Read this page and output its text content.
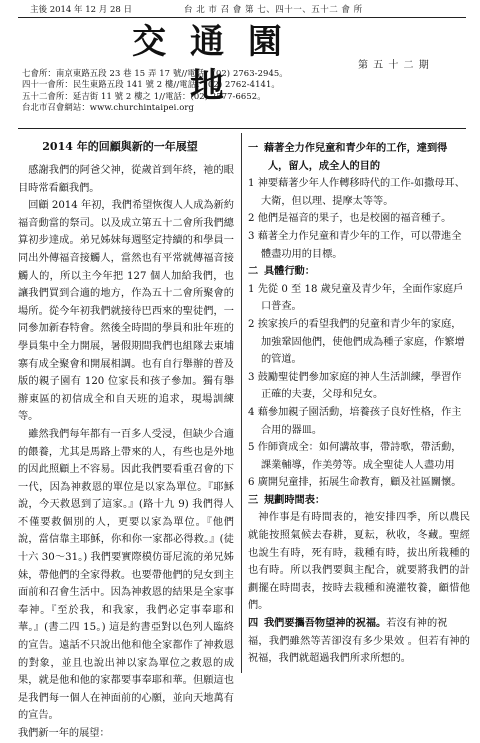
主後 2014 年 12 月 28 日	台 北 市 召 會 第 七、四十一、五十二 會 所
交 通 園 地
第 五 十 二 期
七會所：南京東路五段 23 巷 15 弄 17 號//電話：(02) 2763-2945。
四十一會所：民生東路五段 141 號 2 樓//電話：(02) 2762-4141。
五十二會所：延吉街 11 號 2 樓之 1//電話：(02) 2577-6652。
台北市召會網站：www.churchintaipei.org
2014 年的回顧與新的一年展望

感謝我們的阿爸父神，從歲首到年終，祂的眼目時常看顧我們。

回顧 2014 年初，我們希望恢復人人成為新約福音動當的祭司。以及成立第五十二會所我們總算初步達成。弟兄姊妹每週堅定持續的和學員一同出外傳福音接觸人，當然也有平常就傳福音接觸人的，所以主今年把 127 個人加給我們，也讓我們買到合適的地方，作為五十二會所聚會的場所。從今年初我們就接待巴西來的聖徒們，一同參加新春特會。然後全時間的學員和壯年班的學員集中全力開展，暑假期間我們也組隊去東埔寨有成全聚會和開展相調。也有自行舉辦的普及版的親子園有 120 位家長和孩子參加。獨有舉辦東區的初信成全和自天班的追求，現場訓練等。

雖然我們每年都有一百多人受浸，但缺少合適的餵養，尤其是馬路上帶來的人，有些也是外地的因此照顧上不容易。因此我們要看重召會的下一代，因為神救恩的單位是以家為單位。『耶穌說，今天救恩到了這家。』(路十九 9) 我們得人不僅要救個別的人，更要以家為單位。『他們說，當信靠主耶穌，你和你一家都必得救。』(徒十六 30～31。) 我們要實際模仿哥尼流的弟兄姊妹，帶他們的全家得救。也要帶他們的兒女到主面前和召會生活中。因為神救恩的結果是全家事奉神。『至於我，和我家，我們必定事奉耶和華。』(書二四 15。) 這是約書亞對以色列人臨終的宣告。遠話不只說出他和他全家都作了神救恩的對象，並且也說出神以家為單位之救恩的成果，就是他和他的家都要事奉耶和華。但願這也是我們每一個人在神面前的心願，並向天地萬有的宣告。

我們新一年的展望：

一 藉著全力作兒童和青少年的工作，達到得
人，留人，成全人的目的
1 神要藉著少年人作轉移時代的工作-如撒母耳、大衛，但以理、提摩太等等。
2 他們是福音的果子，也是校園的福音種子。
3 藉著全力作兒童和青少年的工作，可以帶進全體盡功用的目標。
二 具體行動：
1 先從 0 至 18 歲兒童及青少年，全面作家庭戶口普查。
2 挨家挨戶的看望我們的兒童和青少年的家庭，加強鞏固他們，使他們成為種子家庭，作繁增的管道。
3 鼓勵聖徒們參加家庭的神人生活訓練，學習作正確的夫妻，父母和兒女。
4 藉參加親子園活動，培養孩子良好性格，作主合用的器皿。
5 作師資成全：如何講故事，帶詩歌，帶活動，課業輔導，作美勞等。成全聖徒人人盡功用
6 廣開兒童排，拓展生命教育，顧及社區關懷。
三 規劃時間表：
神作事是有時間表的，祂安排四季，所以農民就能按照氣候去春耕，夏耘，秋收，冬藏。聖經也說生有時，死有時，栽種有時，拔出所栽種的也有時。所以我們要與主配合，就要將我們的計劃擺在時間表，按時去栽種和澆灌牧養，顧惜他們。
四 我們要攜吾物望神的祝福。若沒有神的祝
福，我們雖然等苦卻沒有多少果效 。但若有神的祝福，我們就超過我們所求所想的。
